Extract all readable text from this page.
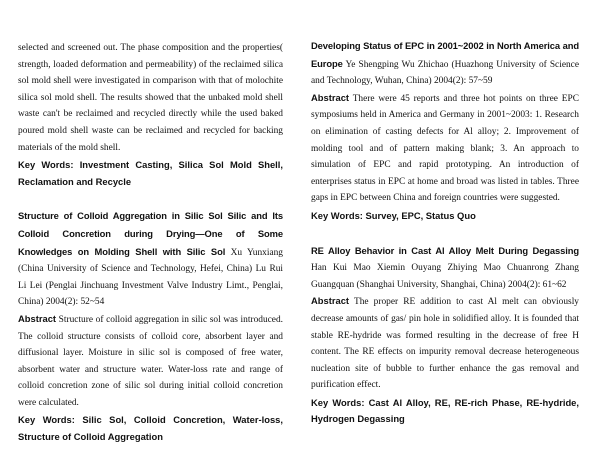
selected and screened out. The phase composition and the properties( strength, loaded deformation and permeability) of the reclaimed silica sol mold shell were investigated in comparison with that of molochite silica sol mold shell. The results showed that the unbaked mold shell waste can't be reclaimed and recycled directly while the used baked poured mold shell waste can be reclaimed and recycled for backing materials of the mold shell.

Key Words: Investment Casting, Silica Sol Mold Shell, Reclamation and Recycle

Structure of Colloid Aggregation in Silic Sol Silic and Its Colloid Concretion during Drying—One of Some Knowledges on Molding Shell with Silic Sol Xu Yunxiang (China University of Science and Technology, Hefei, China) Lu Rui Li Lei (Penglai Jinchuang Investment Valve Industry Limt., Penglai, China) 2004(2): 52~54

Abstract Structure of colloid aggregation in silic sol was introduced. The colloid structure consists of colloid core, absorbent layer and diffusional layer. Moisture in silic sol is composed of free water, absorbent water and structure water. Water-loss rate and range of colloid concretion zone of silic sol during initial colloid concretion were calculated.

Key Words: Silic Sol, Colloid Concretion, Water-loss, Structure of Colloid Aggregation

Developing Status of EPC in 2001~2002 in North America and Europe Ye Shengping Wu Zhichao (Huazhong University of Science and Technology, Wuhan, China) 2004(2): 57~59

Abstract There were 45 reports and three hot points on three EPC symposiums held in America and Germany in 2001~2003: 1. Research on elimination of casting defects for Al alloy; 2. Improvement of molding tool and of pattern making blank; 3. An approach to simulation of EPC and rapid prototyping. An introduction of enterprises status in EPC at home and broad was listed in tables. Three gaps in EPC between China and foreign countries were suggested.

Key Words: Survey, EPC, Status Quo

RE Alloy Behavior in Cast Al Alloy Melt During Degassing Han Kui Mao Xiemin Ouyang Zhiying Mao Chuanrong Zhang Guangquan (Shanghai University, Shanghai, China) 2004(2): 61~62

Abstract The proper RE addition to cast Al melt can obviously decrease amounts of gas/ pin hole in solidified alloy. It is founded that stable RE-hydride was formed resulting in the decrease of free H content. The RE effects on impurity removal decrease heterogeneous nucleation site of bubble to further enhance the gas removal and purification effect.

Key Words: Cast Al Alloy, RE, RE-rich Phase, RE-hydride, Hydrogen Degassing
